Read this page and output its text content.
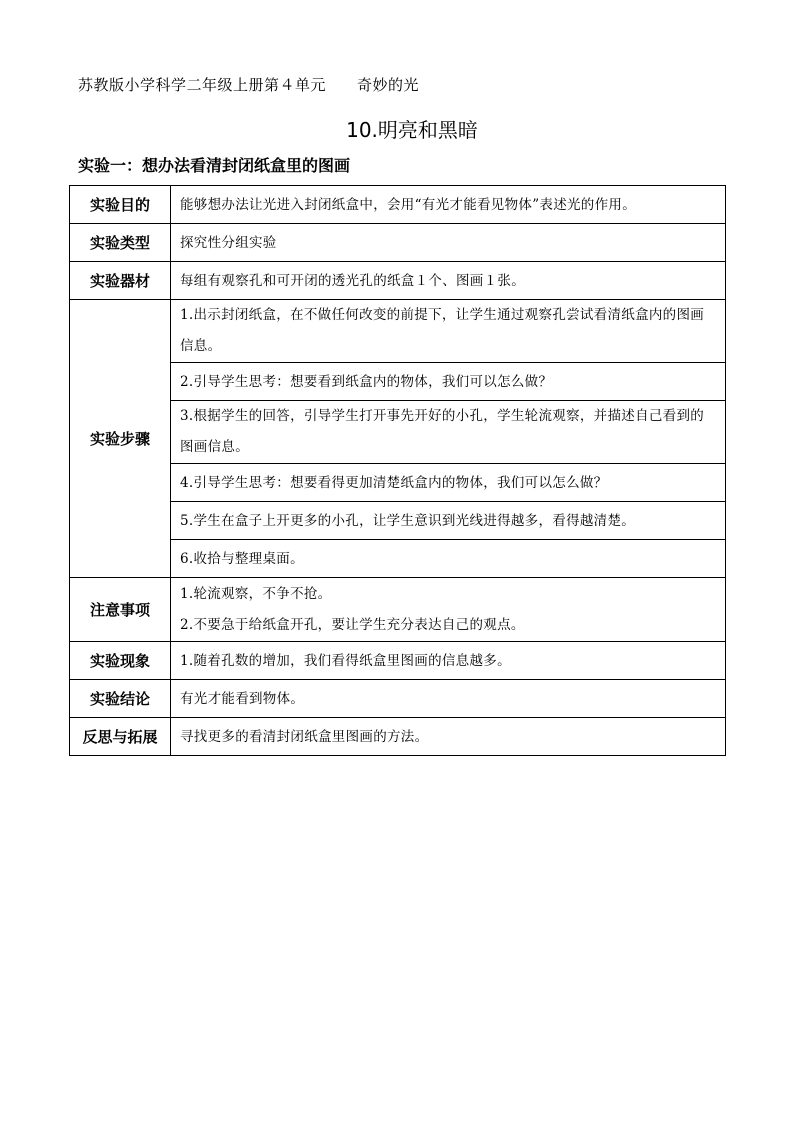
苏教版小学科学二年级上册第４单元　　奇妙的光
10.明亮和黑暗
实验一：想办法看清封闭纸盒里的图画
实验目的	能够想办法让光进入封闭纸盒中，会用“有光才能看见物体”表述光的作用。
实验类型	探究性分组实验
实验器材	每组有观察孔和可开闭的透光孔的纸盒１个、图画１张。
实验步骤	1.出示封闭纸盒，在不做任何改变的前提下，让学生通过观察孔尝试看清纸盒内的图画信息。
	2.引导学生思考：想要看到纸盒内的物体，我们可以怎么做？
	3.根据学生的回答，引导学生打开事先开好的小孔，学生轮流观察，并描述自己看到的图画信息。
	4.引导学生思考：想要看得更加清楚纸盒内的物体，我们可以怎么做？
	5.学生在盒子上开更多的小孔，让学生意识到光线进得越多，看得越清楚。
	6.收拾与整理桌面。
注意事项	1.轮流观察，不争不抢。
2.不要急于给纸盒开孔，要让学生充分表达自己的观点。

实验现象	1.随着孔数的增加，我们看得纸盒里图画的信息越多。
实验结论	有光才能看到物体。
反思与拓展	寻找更多的看清封闭纸盒里图画的方法。
